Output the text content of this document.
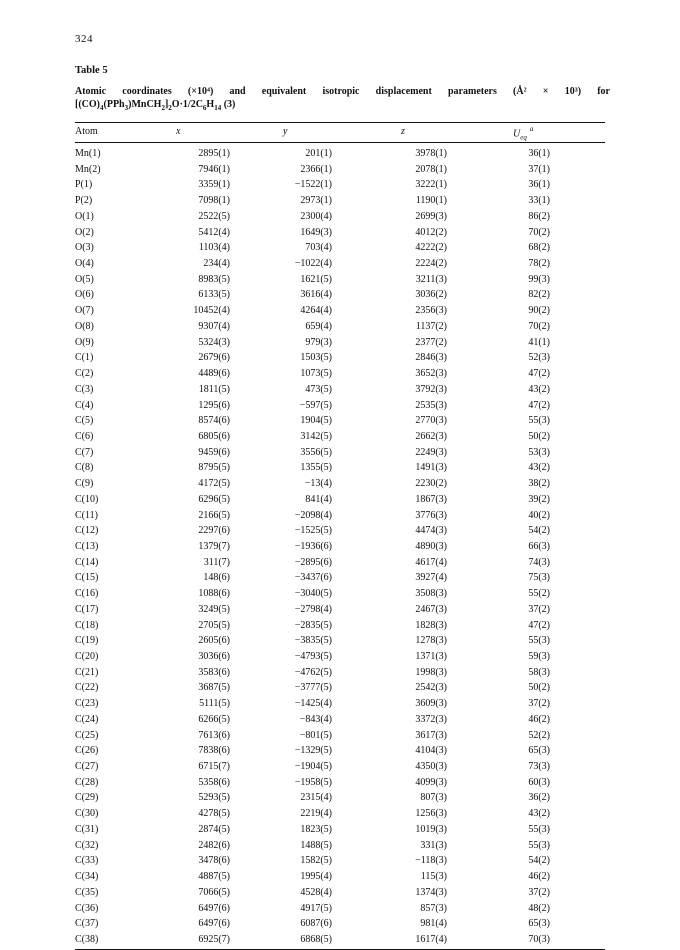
324
Table 5
Atomic coordinates (×10⁴) and equivalent isotropic displacement parameters (Å² × 10³) for
$[(CO)_4(PPh_3)MnCH_2]_2O\cdot 1/2C_6H_{14}$ (3)
Atom	x	y	z	$U_{eq}^a$
Mn(1)	2895(1)	201(1)	3978(1)	36(1)
Mn(2)	7946(1)	2366(1)	2078(1)	37(1)
P(1)	3359(1)	−1522(1)	3222(1)	36(1)
P(2)	7098(1)	2973(1)	1190(1)	33(1)
O(1)	2522(5)	2300(4)	2699(3)	86(2)
O(2)	5412(4)	1649(3)	4012(2)	70(2)
O(3)	1103(4)	703(4)	4222(2)	68(2)
O(4)	234(4)	−1022(4)	2224(2)	78(2)
O(5)	8983(5)	1621(5)	3211(3)	99(3)
O(6)	6133(5)	3616(4)	3036(2)	82(2)
O(7)	10452(4)	4264(4)	2356(3)	90(2)
O(8)	9307(4)	659(4)	1137(2)	70(2)
O(9)	5324(3)	979(3)	2377(2)	41(1)
C(1)	2679(6)	1503(5)	2846(3)	52(3)
C(2)	4489(6)	1073(5)	3652(3)	47(2)
C(3)	1811(5)	473(5)	3792(3)	43(2)
C(4)	1295(6)	−597(5)	2535(3)	47(2)
C(5)	8574(6)	1904(5)	2770(3)	55(3)
C(6)	6805(6)	3142(5)	2662(3)	50(2)
C(7)	9459(6)	3556(5)	2249(3)	53(3)
C(8)	8795(5)	1355(5)	1491(3)	43(2)
C(9)	4172(5)	−13(4)	2230(2)	38(2)
C(10)	6296(5)	841(4)	1867(3)	39(2)
C(11)	2166(5)	−2098(4)	3776(3)	40(2)
C(12)	2297(6)	−1525(5)	4474(3)	54(2)
C(13)	1379(7)	−1936(6)	4890(3)	66(3)
C(14)	311(7)	−2895(6)	4617(4)	74(3)
C(15)	148(6)	−3437(6)	3927(4)	75(3)
C(16)	1088(6)	−3040(5)	3508(3)	55(2)
C(17)	3249(5)	−2798(4)	2467(3)	37(2)
C(18)	2705(5)	−2835(5)	1828(3)	47(2)
C(19)	2605(6)	−3835(5)	1278(3)	55(3)
C(20)	3036(6)	−4793(5)	1371(3)	59(3)
C(21)	3583(6)	−4762(5)	1998(3)	58(3)
C(22)	3687(5)	−3777(5)	2542(3)	50(2)
C(23)	5111(5)	−1425(4)	3609(3)	37(2)
C(24)	6266(5)	−843(4)	3372(3)	46(2)
C(25)	7613(6)	−801(5)	3617(3)	52(2)
C(26)	7838(6)	−1329(5)	4104(3)	65(3)
C(27)	6715(7)	−1904(5)	4350(3)	73(3)
C(28)	5358(6)	−1958(5)	4099(3)	60(3)
C(29)	5293(5)	2315(4)	807(3)	36(2)
C(30)	4278(5)	2219(4)	1256(3)	43(2)
C(31)	2874(5)	1823(5)	1019(3)	55(3)
C(32)	2482(6)	1488(5)	331(3)	55(3)
C(33)	3478(6)	1582(5)	−118(3)	54(2)
C(34)	4887(5)	1995(4)	115(3)	46(2)
C(35)	7066(5)	4528(4)	1374(3)	37(2)
C(36)	6497(6)	4917(5)	857(3)	48(2)
C(37)	6497(6)	6087(6)	981(4)	65(3)
C(38)	6925(7)	6868(5)	1617(4)	70(3)
